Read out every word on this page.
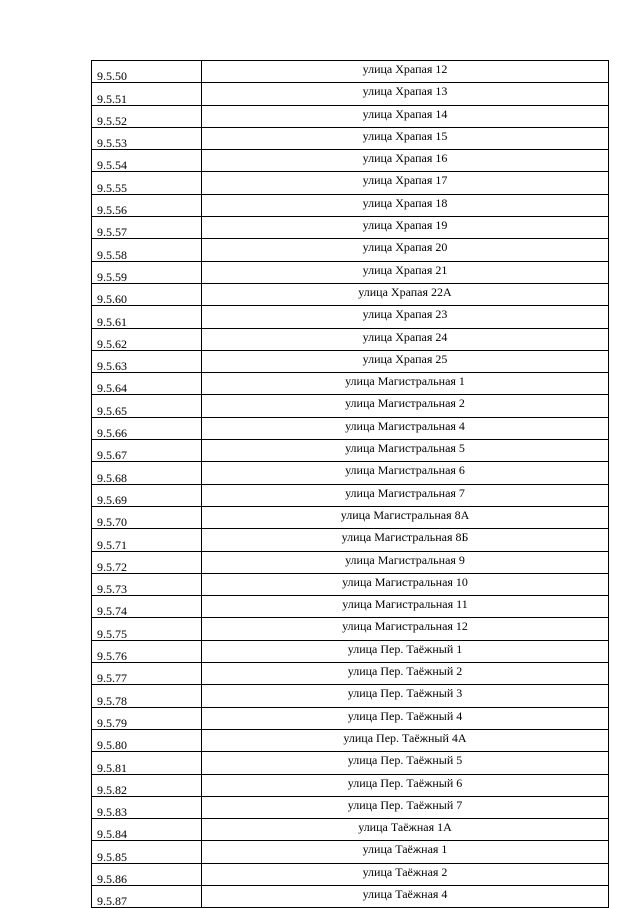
9.5.50	улица Храпая 12
9.5.51	улица Храпая 13
9.5.52	улица Храпая 14
9.5.53	улица Храпая 15
9.5.54	улица Храпая 16
9.5.55	улица Храпая 17
9.5.56	улица Храпая 18
9.5.57	улица Храпая 19
9.5.58	улица Храпая 20
9.5.59	улица Храпая 21
9.5.60	улица Храпая 22А
9.5.61	улица Храпая 23
9.5.62	улица Храпая 24
9.5.63	улица Храпая 25
9.5.64	улица Магистральная 1
9.5.65	улица Магистральная 2
9.5.66	улица Магистральная 4
9.5.67	улица Магистральная 5
9.5.68	улица Магистральная 6
9.5.69	улица Магистральная 7
9.5.70	улица Магистральная 8А
9.5.71	улица Магистральная 8Б
9.5.72	улица Магистральная 9
9.5.73	улица Магистральная 10
9.5.74	улица Магистральная 11
9.5.75	улица Магистральная 12
9.5.76	улица Пер. Таёжный 1
9.5.77	улица Пер. Таёжный 2
9.5.78	улица Пер. Таёжный 3
9.5.79	улица Пер. Таёжный 4
9.5.80	улица Пер. Таёжный 4А
9.5.81	улица Пер. Таёжный 5
9.5.82	улица Пер. Таёжный 6
9.5.83	улица Пер. Таёжный 7
9.5.84	улица Таёжная 1А
9.5.85	улица Таёжная 1
9.5.86	улица Таёжная 2
9.5.87	улица Таёжная 4
